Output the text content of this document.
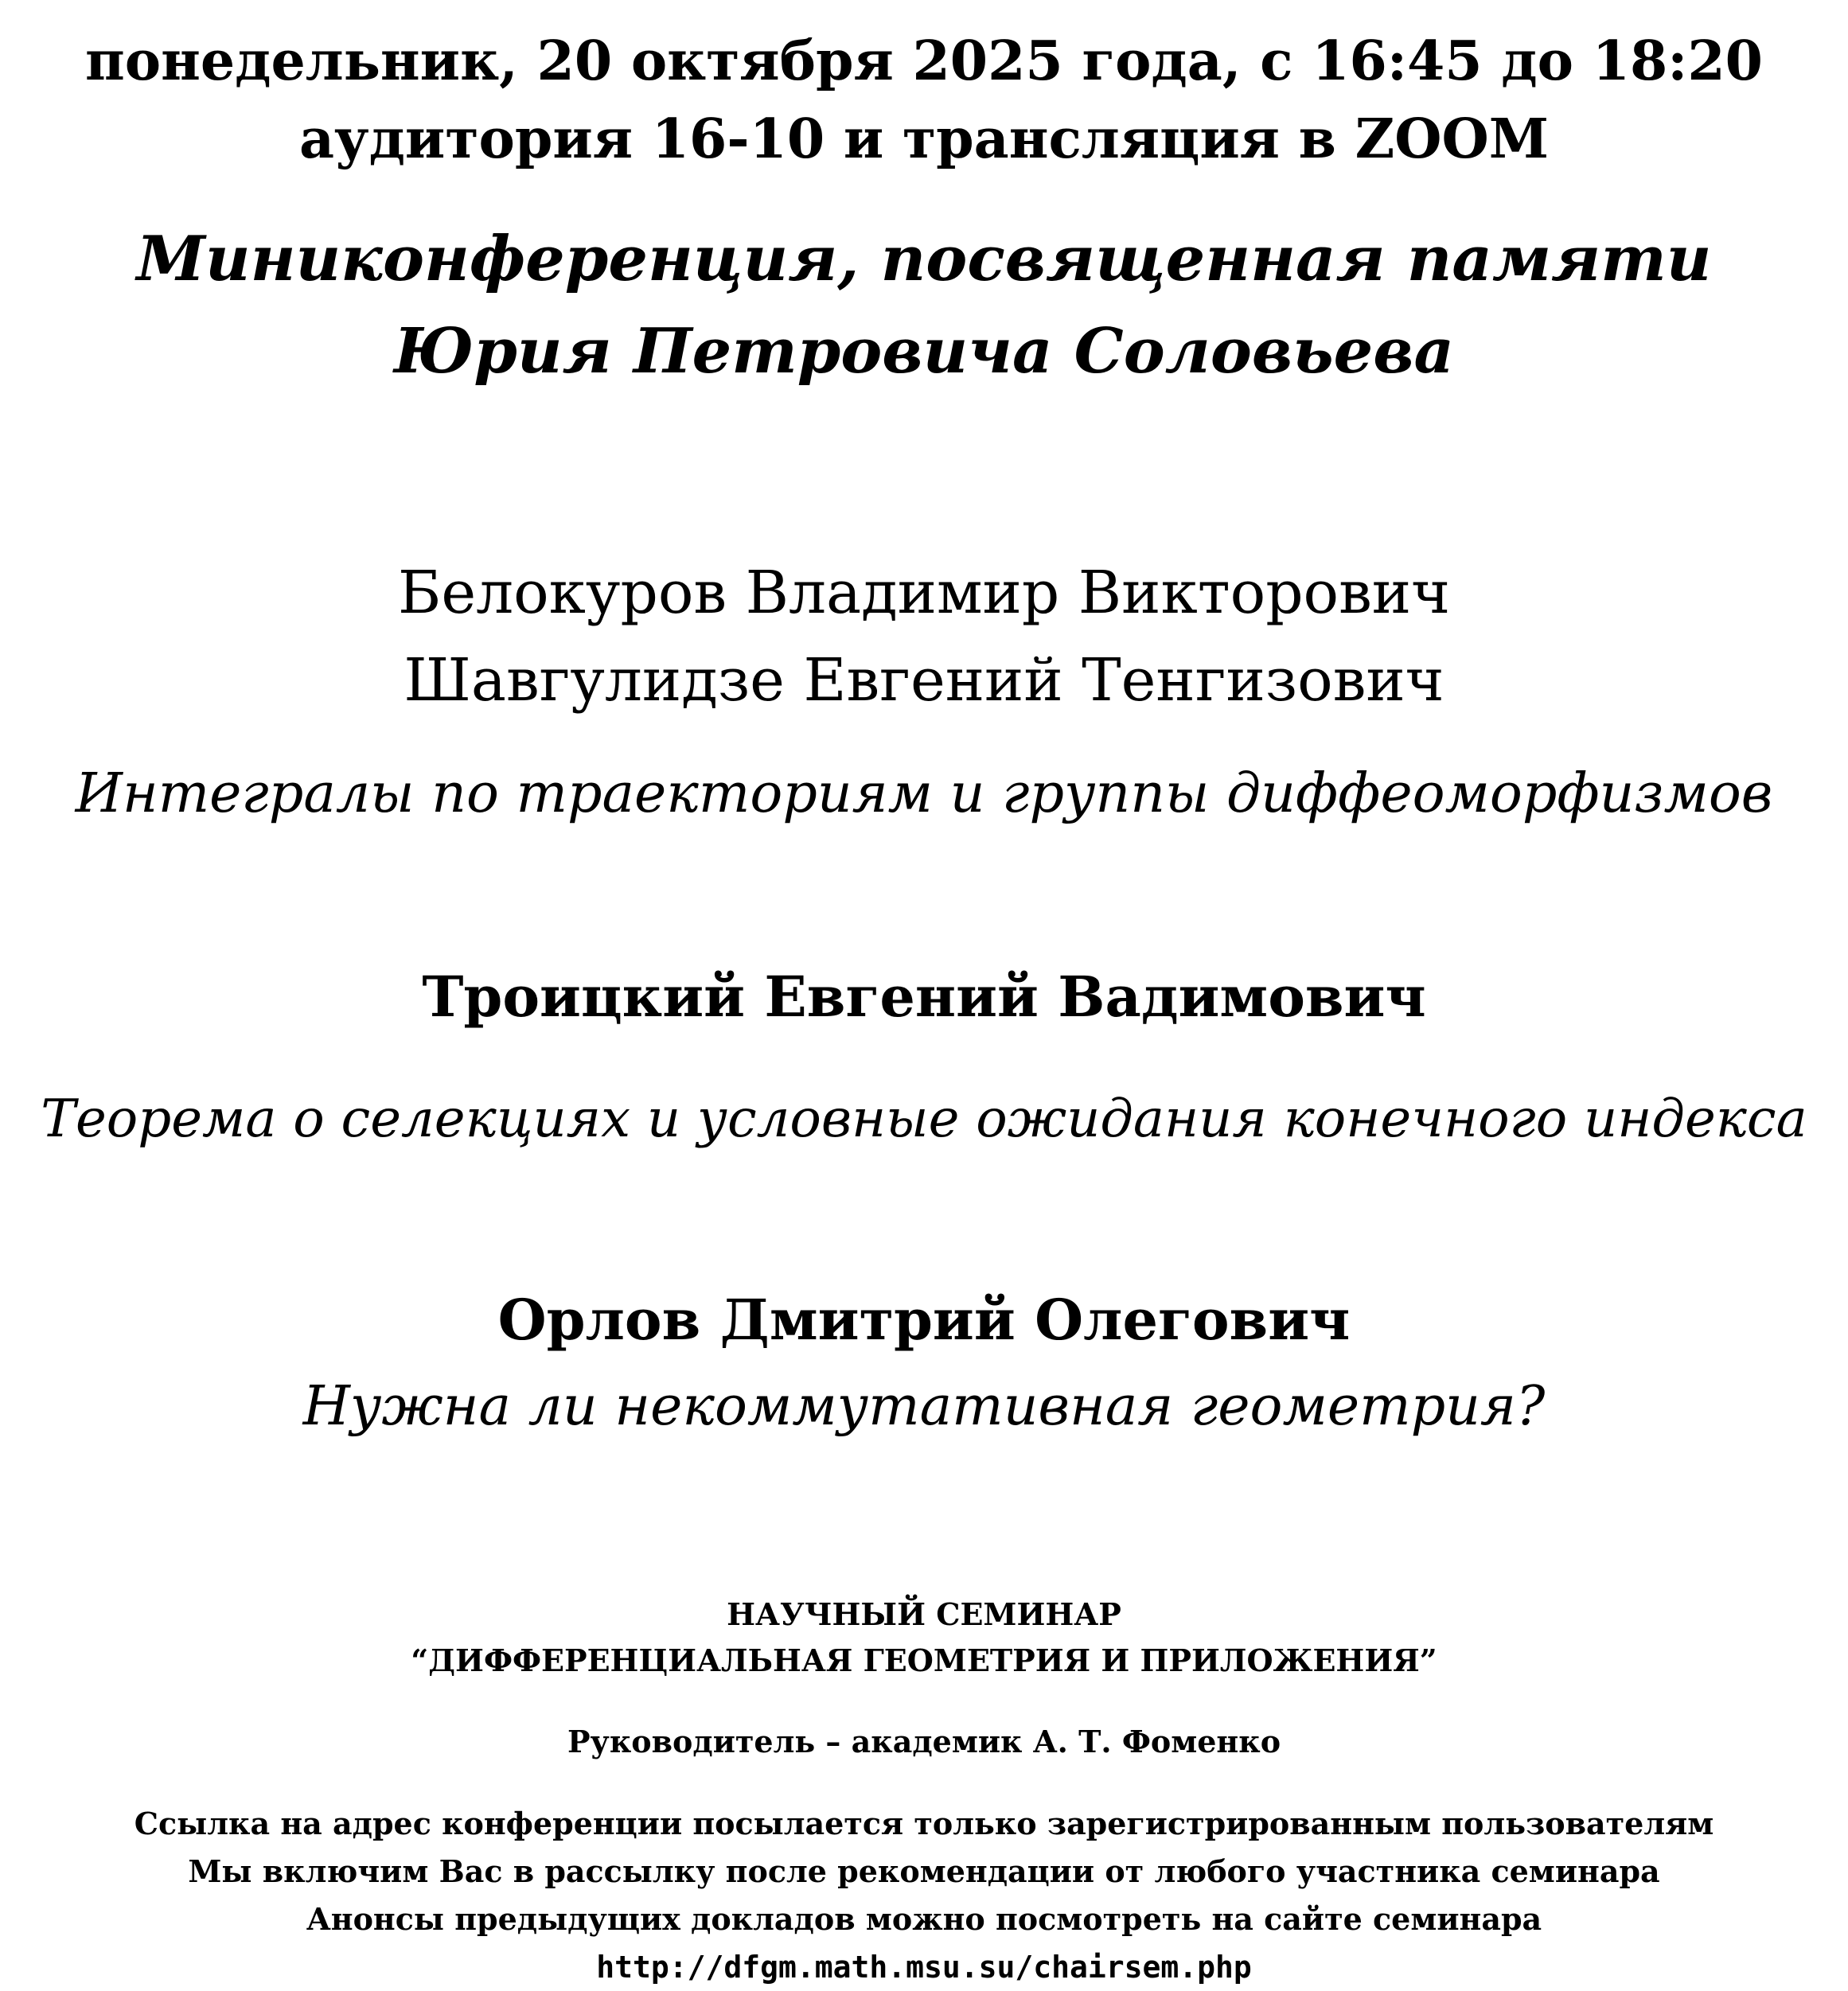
понедельник, 20 октября 2025 года, с 16:45 до 18:20
аудитория 16-10 и трансляция в ZOOM
Миниконференция, посвященная памяти
Юрия Петровича Соловьева
Белокуров Владимир Викторович
Шавгулидзе Евгений Тенгизович
Интегралы по траекториям и группы диффеоморфизмов
Троицкий Евгений Вадимович
Теорема о селекциях и условные ожидания конечного индекса
Орлов Дмитрий Олегович
Нужна ли некоммутативная геометрия?
НАУЧНЫЙ СЕМИНАР
“ДИФФЕРЕНЦИАЛЬНАЯ ГЕОМЕТРИЯ И ПРИЛОЖЕНИЯ”
Руководитель – академик А. Т. Фоменко
Ссылка на адрес конференции посылается только зарегистрированным пользователям
Мы включим Вас в рассылку после рекомендации от любого участника семинара
Анонсы предыдущих докладов можно посмотреть на сайте семинара
http://dfgm.math.msu.su/chairsem.php
